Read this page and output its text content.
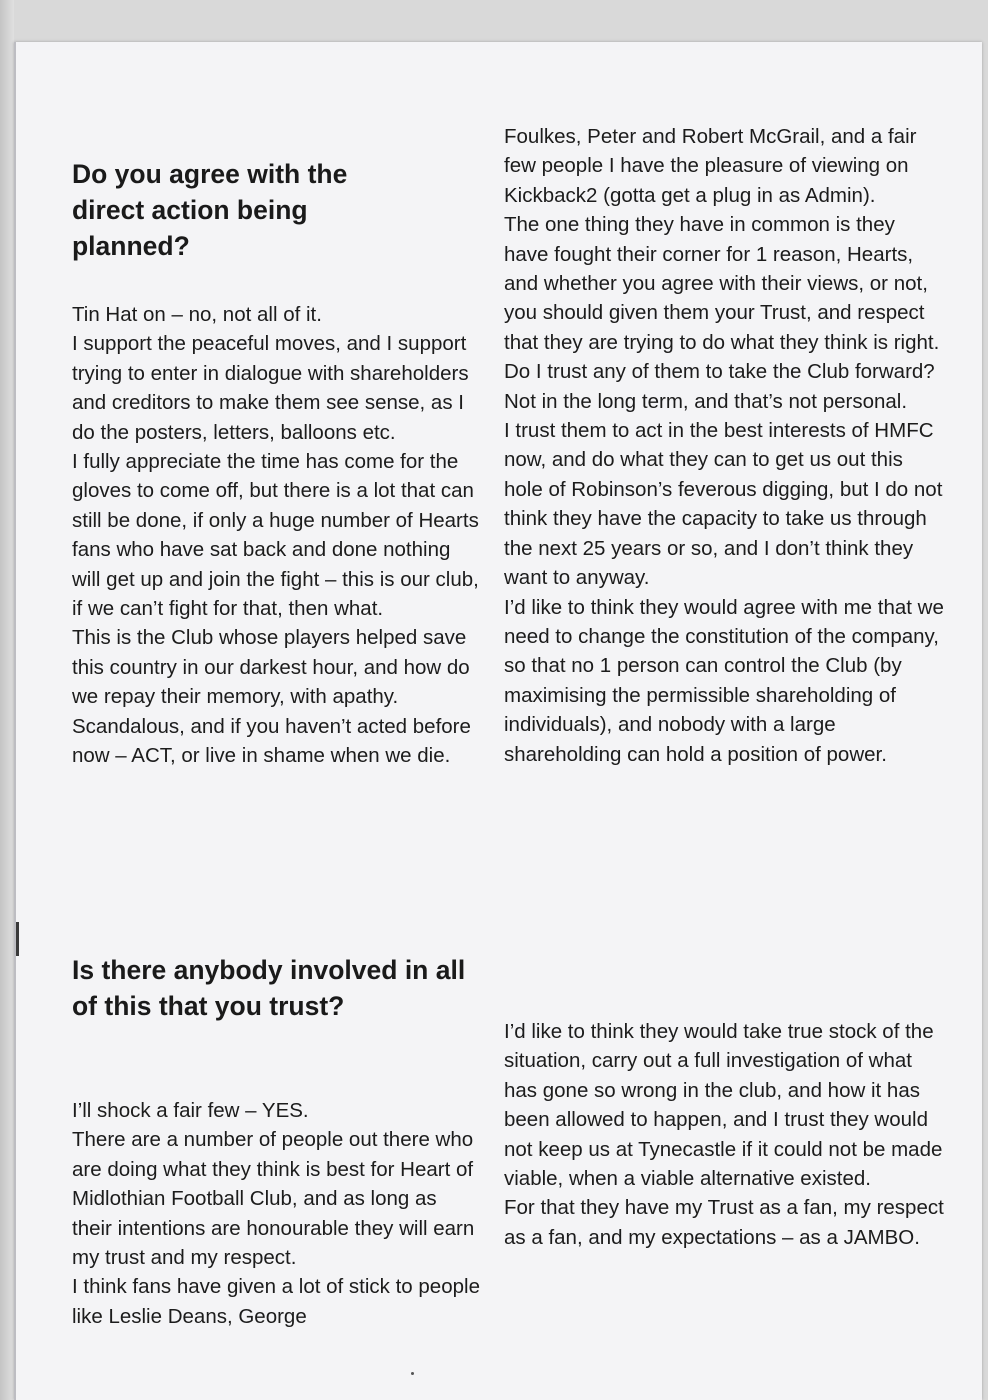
Do you agree with the direct action being planned?

Tin Hat on – no, not all of it.

I support the peaceful moves, and I support trying to enter in dialogue with shareholders and creditors to make them see sense, as I do the posters, letters, balloons etc.

I fully appreciate the time has come for the gloves to come off, but there is a lot that can still be done, if only a huge number of Hearts fans who have sat back and done nothing will get up and join the fight – this is our club, if we can’t fight for that, then what.

This is the Club whose players helped save this country in our darkest hour, and how do we repay their memory, with apathy.

Scandalous, and if you haven’t acted before now – ACT, or live in shame when we die.

Is there anybody involved in all of this that you trust?

I’ll shock a fair few – YES.

There are a number of people out there who are doing what they think is best for Heart of Midlothian Football Club, and as long as their intentions are honourable they will earn my trust and my respect.

I think fans have given a lot of stick to people like Leslie Deans, George

Foulkes, Peter and Robert McGrail, and a fair few people I have the pleasure of viewing on Kickback2 (gotta get a plug in as Admin).

The one thing they have in common is they have fought their corner for 1 reason, Hearts, and whether you agree with their views, or not, you should given them your Trust, and respect that they are trying to do what they think is right.

Do I trust any of them to take the Club forward? Not in the long term, and that’s not personal.

I trust them to act in the best interests of HMFC now, and do what they can to get us out this hole of Robinson’s feverous digging, but I do not think they have the capacity to take us through the next 25 years or so, and I don’t think they want to anyway.

I’d like to think they would agree with me that we need to change the constitution of the company, so that no 1 person can control the Club (by maximising the permissible shareholding of individuals), and nobody with a large shareholding can hold a position of power.

I’d like to think they would take true stock of the situation, carry out a full investigation of what has gone so wrong in the club, and how it has been allowed to happen, and I trust they would not keep us at Tynecastle if it could not be made viable, when a viable alternative existed.

For that they have my Trust as a fan, my respect as a fan, and my expectations – as a JAMBO.
